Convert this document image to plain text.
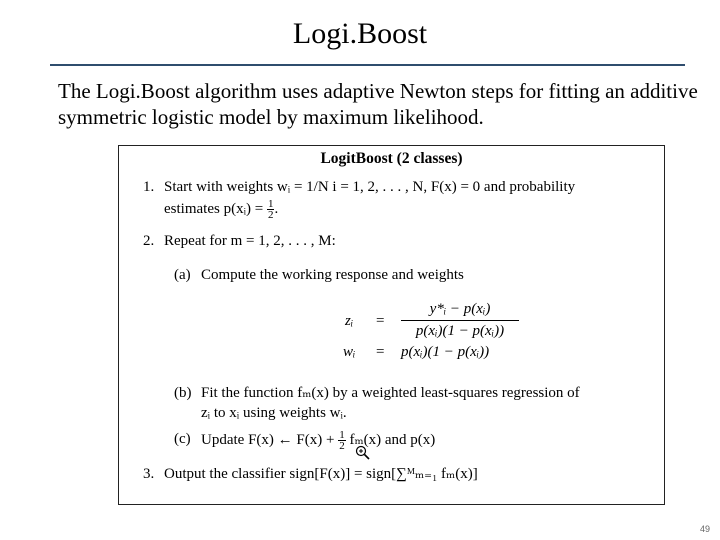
Logi.Boost
The Logi.Boost algorithm uses adaptive Newton steps for fitting an additive symmetric logistic model by maximum likelihood.
LogitBoost (2 classes)
1. Start with weights wᵢ = 1/N i = 1, 2, . . . , N, F(x) = 0 and probability
estimates p(xᵢ) = $\frac{1}{2}$ .
2. Repeat for m = 1, 2, . . . , M:
(a) Compute the working response and weights
zᵢ = $\frac{\text{y*ᵢ − p(xᵢ)}}{\text{p(xᵢ)(1 − p(xᵢ))}}$
wᵢ = p(xᵢ)(1 − p(xᵢ))
(b) Fit the function fₘ(x) by a weighted least-squares regression of
zᵢ to xᵢ using weights wᵢ.
(c) Update F(x) ← $F(x) + \frac{1}{2} f_m(x)$ and p(x)
3. Output the classifier sign[F(x)] = sign[∑ᴹₘ₌₁ fₘ(x)]
49
